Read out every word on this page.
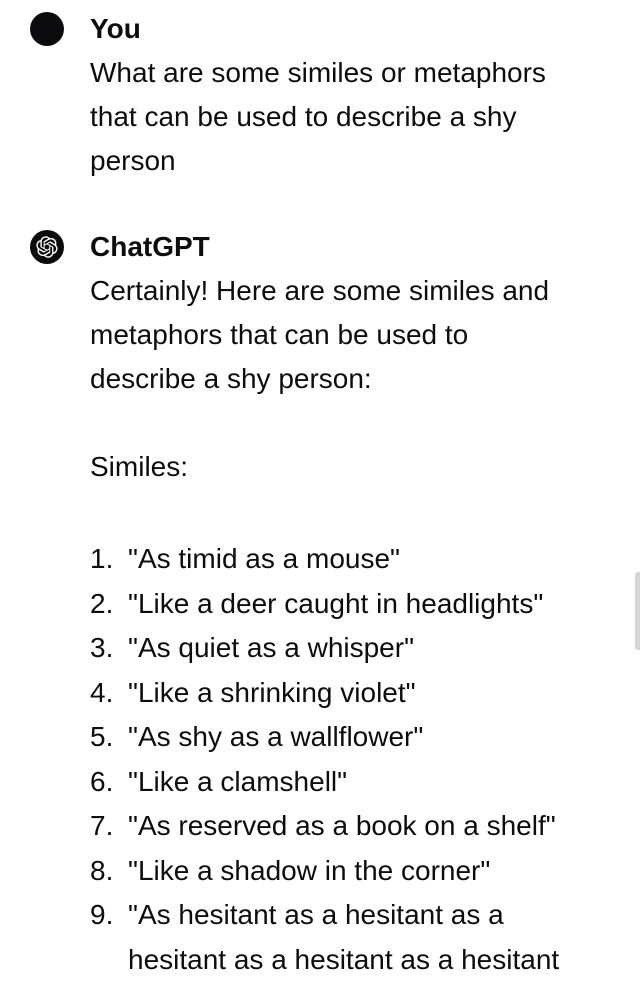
You
What are some similes or metaphors
that can be used to describe a shy
person
ChatGPT
Certainly! Here are some similes and
metaphors that can be used to
describe a shy person:
Similes:
1. "As timid as a mouse"
2. "Like a deer caught in headlights"
3. "As quiet as a whisper"
4. "Like a shrinking violet"
5. "As shy as a wallflower"
6. "Like a clamshell"
7. "As reserved as a book on a shelf"
8. "Like a shadow in the corner"
9. "As hesitant as a hesitant as a
hesitant as a hesitant as a hesitant
